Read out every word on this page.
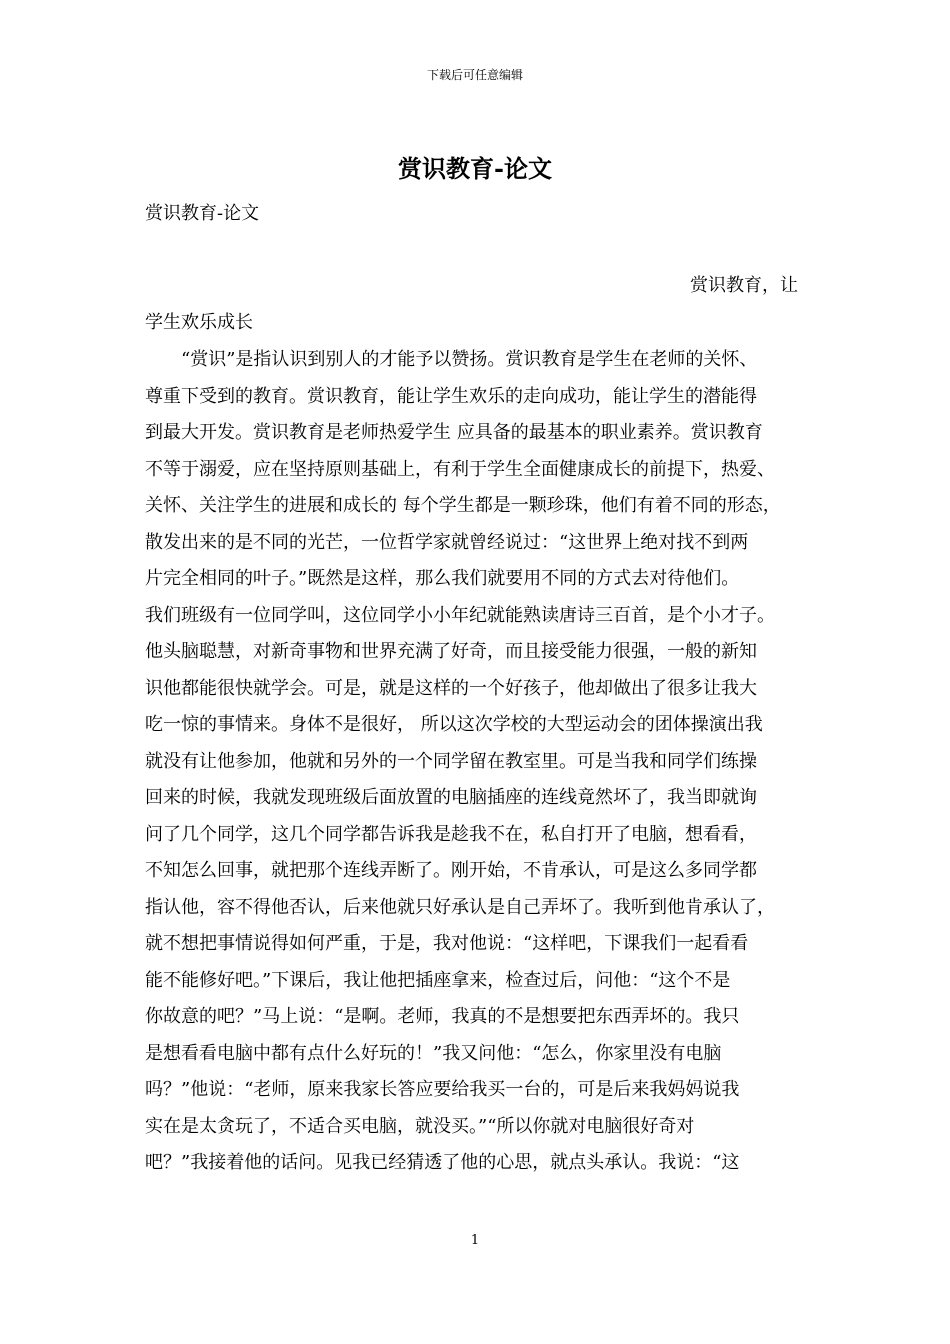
下载后可任意编辑
赏识教育-论文
赏识教育-论文
赏识教育，让
学生欢乐成长
　　“赏识”是指认识到别人的才能予以赞扬。赏识教育是学生在老师的关怀、
尊重下受到的教育。赏识教育，能让学生欢乐的走向成功，能让学生的潜能得
到最大开发。赏识教育是老师热爱学生 应具备的最基本的职业素养。赏识教育
不等于溺爱，应在坚持原则基础上，有利于学生全面健康成长的前提下，热爱、
关怀、关注学生的进展和成长的 每个学生都是一颗珍珠，他们有着不同的形态，
散发出来的是不同的光芒，一位哲学家就曾经说过：“这世界上绝对找不到两
片完全相同的叶子。”既然是这样，那么我们就要用不同的方式去对待他们。
我们班级有一位同学叫，这位同学小小年纪就能熟读唐诗三百首，是个小才子。
他头脑聪慧，对新奇事物和世界充满了好奇，而且接受能力很强，一般的新知
识他都能很快就学会。可是，就是这样的一个好孩子，他却做出了很多让我大
吃一惊的事情来。身体不是很好， 所以这次学校的大型运动会的团体操演出我
就没有让他参加，他就和另外的一个同学留在教室里。可是当我和同学们练操
回来的时候，我就发现班级后面放置的电脑插座的连线竟然坏了，我当即就询
问了几个同学，这几个同学都告诉我是趁我不在，私自打开了电脑，想看看，
不知怎么回事，就把那个连线弄断了。刚开始，不肯承认，可是这么多同学都
指认他，容不得他否认，后来他就只好承认是自己弄坏了。我听到他肯承认了，
就不想把事情说得如何严重，于是，我对他说：“这样吧，下课我们一起看看
能不能修好吧。”下课后，我让他把插座拿来，检查过后，问他：“这个不是
你故意的吧？”马上说：“是啊。老师，我真的不是想要把东西弄坏的。我只
是想看看电脑中都有点什么好玩的！”我又问他：“怎么，你家里没有电脑
吗？”他说：“老师，原来我家长答应要给我买一台的，可是后来我妈妈说我
实在是太贪玩了，不适合买电脑，就没买。”“所以你就对电脑很好奇对
吧？”我接着他的话问。见我已经猜透了他的心思，就点头承认。我说：“这
1
